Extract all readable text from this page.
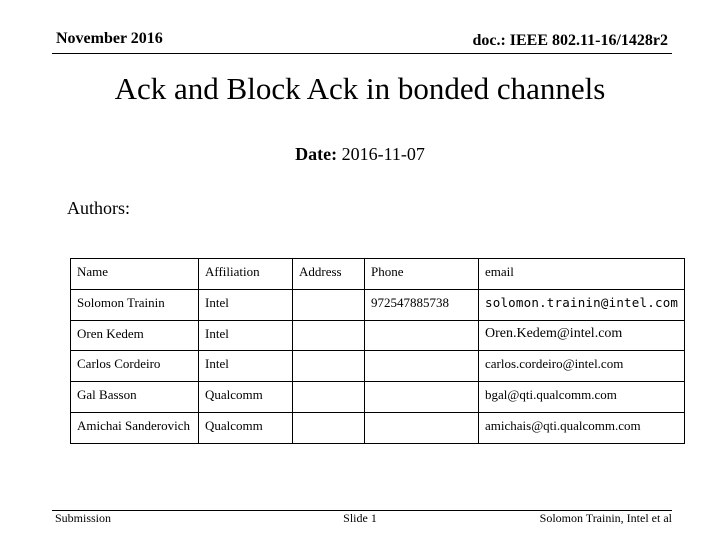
November 2016	doc.: IEEE 802.11-16/1428r2
Ack and Block Ack in bonded channels
Date: 2016-11-07
Authors:
Name	Affiliation	Address	Phone	email
Solomon Trainin	Intel		972547885738	solomon.trainin@intel.com
Oren Kedem	Intel			Oren.Kedem@intel.com
Carlos Cordeiro	Intel			carlos.cordeiro@intel.com
Gal Basson	Qualcomm			bgal@qti.qualcomm.com
Amichai Sanderovich	Qualcomm			amichais@qti.qualcomm.com
Submission	Slide 1	Solomon Trainin, Intel et al
